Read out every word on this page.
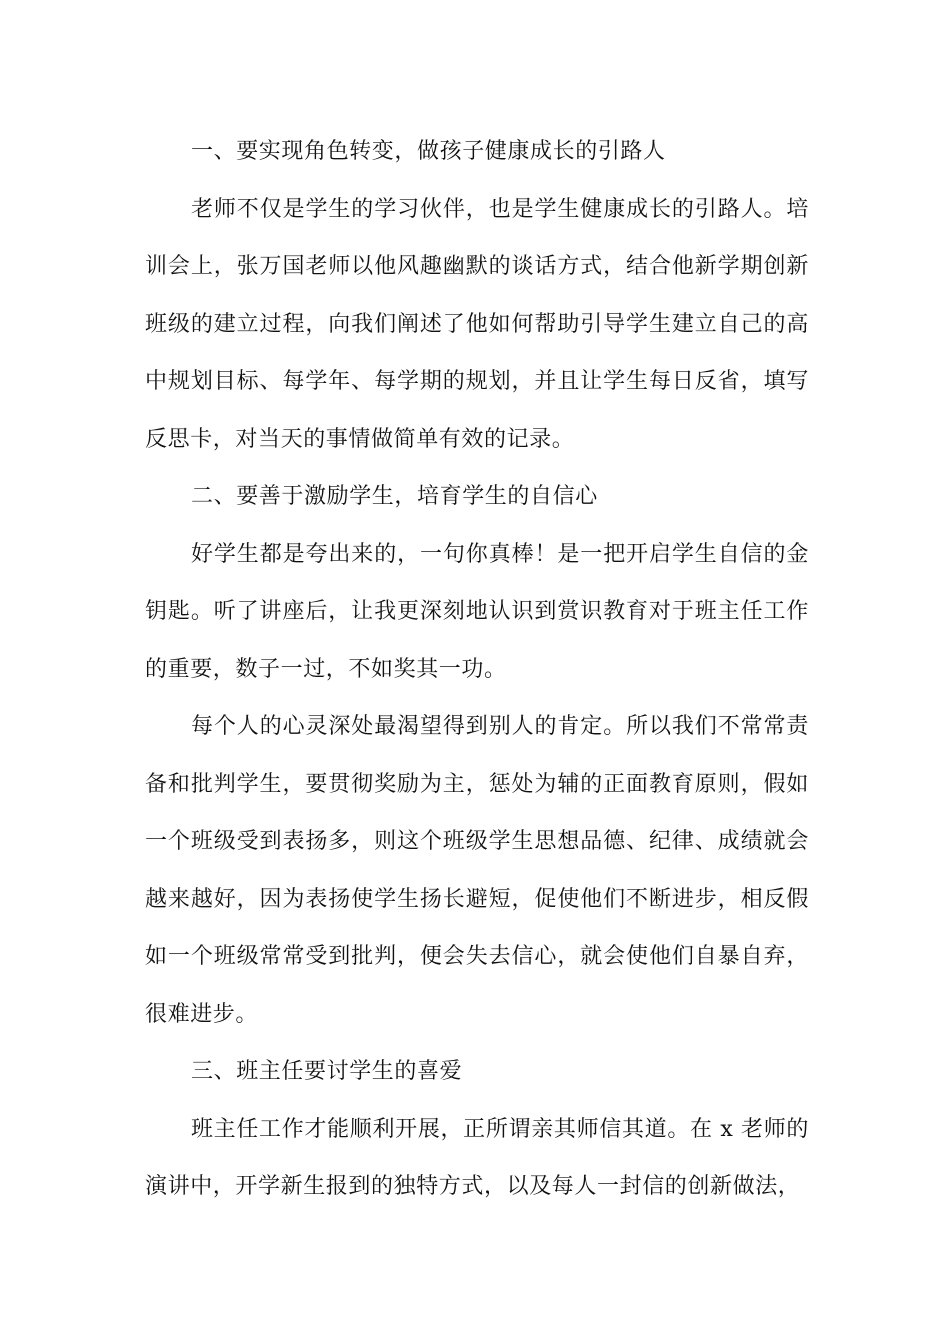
一、要实现角色转变，做孩子健康成长的引路人

老师不仅是学生的学习伙伴，也是学生健康成长的引路人。培训会上，张万国老师以他风趣幽默的谈话方式，结合他新学期创新班级的建立过程，向我们阐述了他如何帮助引导学生建立自己的高中规划目标、每学年、每学期的规划，并且让学生每日反省，填写反思卡，对当天的事情做简单有效的记录。

二、要善于激励学生，培育学生的自信心

好学生都是夸出来的，一句你真棒！是一把开启学生自信的金钥匙。听了讲座后，让我更深刻地认识到赏识教育对于班主任工作的重要，数子一过，不如奖其一功。

每个人的心灵深处最渴望得到别人的肯定。所以我们不常常责备和批判学生，要贯彻奖励为主，惩处为辅的正面教育原则，假如一个班级受到表扬多，则这个班级学生思想品德、纪律、成绩就会越来越好，因为表扬使学生扬长避短，促使他们不断进步，相反假如一个班级常常受到批判，便会失去信心，就会使他们自暴自弃，很难进步。

三、班主任要讨学生的喜爱

班主任工作才能顺利开展，正所谓亲其师信其道。在 x 老师的演讲中，开学新生报到的独特方式，以及每人一封信的创新做法，
